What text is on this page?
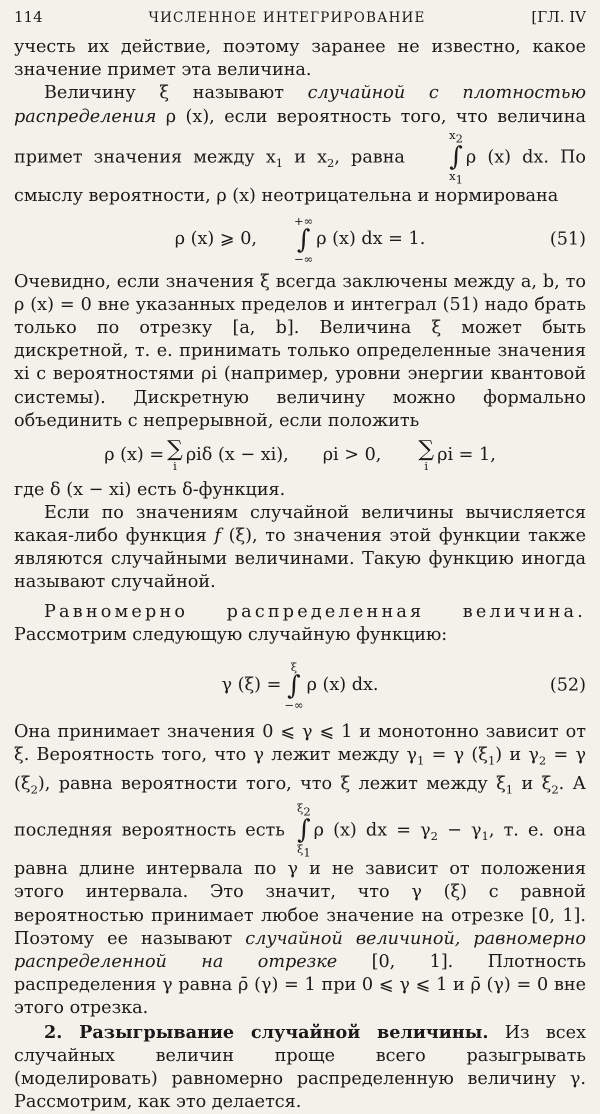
114	ЧИСЛЕННОЕ ИНТЕГРИРОВАНИЕ	[ГЛ. IV

учесть их действие, поэтому заранее не известно, какое значение примет эта величина.

Величину ξ называют случайной с плотностью распределения ρ (x), если вероятность того, что величина примет значения между $x_1$ и $x_2$, равна
$x_2$
∫
$x_1$
ρ (x) dx. По смыслу вероятности, ρ (x) неотрицательна и нормирована

ρ (x) ⩾ 0,
+∞
∫
−∞
ρ (x) dx = 1.	(51)

Очевидно, если значения ξ всегда заключены между a, b, то ρ (x) = 0 вне указанных пределов и интеграл (51) надо брать только по отрезку [a, b]. Величина ξ может быть дискретной, т. е. принимать только определенные значения xi с вероятностями ρi (например, уровни энергии квантовой системы). Дискретную величину можно формально объединить с непрерывной, если положить

ρ (x) = ∑
i
ρiδ (x − xi), ρi > 0, ∑
i
ρi = 1,

где δ (x − xi) есть δ-функция.

Если по значениям случайной величины вычисляется какая-либо функция f (ξ), то значения этой функции также являются случайными величинами. Такую функцию иногда называют случайной.

Равномерно распределенная величина. Рассмотрим следующую случайную функцию:

γ (ξ) =
ξ
∫
−∞
ρ (x) dx.	(52)

Она принимает значения 0 ⩽ γ ⩽ 1 и монотонно зависит от ξ. Вероятность того, что γ лежит между $\gamma_1 = \gamma$ $(\xi_1)$ и $\gamma_2 = \gamma$ $(\xi_2)$, равна вероятности того, что ξ лежит между $\xi_1$ и $\xi_2$. А последняя вероятность есть
$\xi_2$
∫
$\xi_1$
ρ (x) dx = $\gamma_2 - \gamma_1$, т. е. она равна длине интервала по γ и не зависит от положения этого интервала. Это значит, что γ (ξ) с равной вероятностью принимает любое значение на отрезке [0, 1]. Поэтому ее называют случайной величиной, равномерно распределенной на отрезке [0, 1]. Плотность распределения γ равна ρ̄ (γ) = 1 при 0 ⩽ γ ⩽ 1 и ρ̄ (γ) = 0 вне этого отрезка.

2. Разыгрывание случайной величины. Из всех случайных величин проще всего разыгрывать (моделировать) равномерно распределенную величину γ. Рассмотрим, как это делается.
